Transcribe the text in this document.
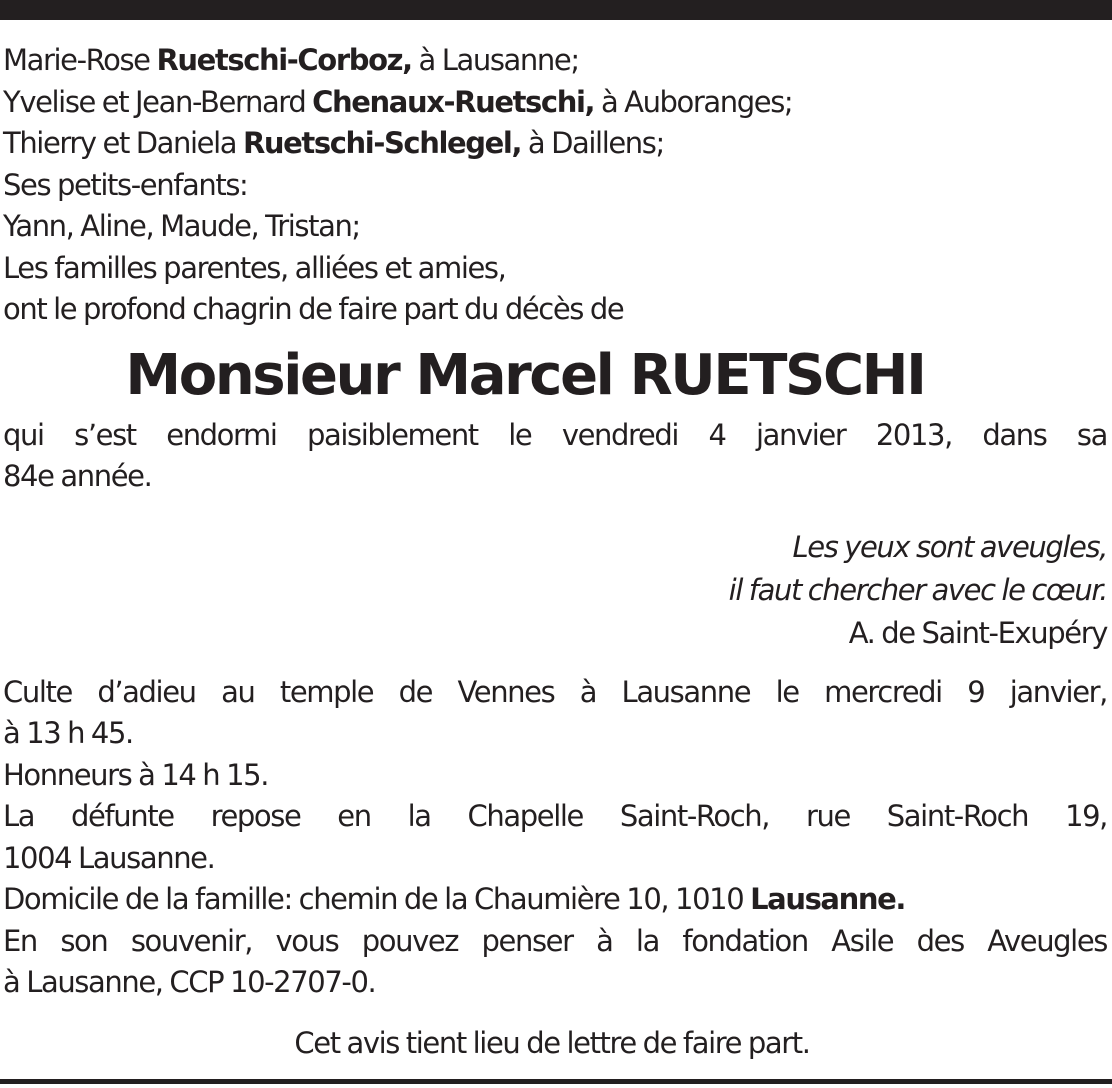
Marie-Rose Ruetschi-Corboz, à Lausanne;
Yvelise et Jean-Bernard Chenaux-Ruetschi, à Auboranges;
Thierry et Daniela Ruetschi-Schlegel, à Daillens;
Ses petits-enfants:
Yann, Aline, Maude, Tristan;
Les familles parentes, alliées et amies,
ont le profond chagrin de faire part du décès de
Monsieur Marcel RUETSCHI
qui s’est endormi paisiblement le vendredi 4 janvier 2013, dans sa
84e année.
Les yeux sont aveugles,
il faut chercher avec le cœur.
A. de Saint-Exupéry
Culte d’adieu au temple de Vennes à Lausanne le mercredi 9 janvier,
à 13 h 45.
Honneurs à 14 h 15.
La défunte repose en la Chapelle Saint-Roch, rue Saint-Roch 19,
1004 Lausanne.
Domicile de la famille: chemin de la Chaumière 10, 1010 Lausanne.
En son souvenir, vous pouvez penser à la fondation Asile des Aveugles
à Lausanne, CCP 10-2707-0.
Cet avis tient lieu de lettre de faire part.
